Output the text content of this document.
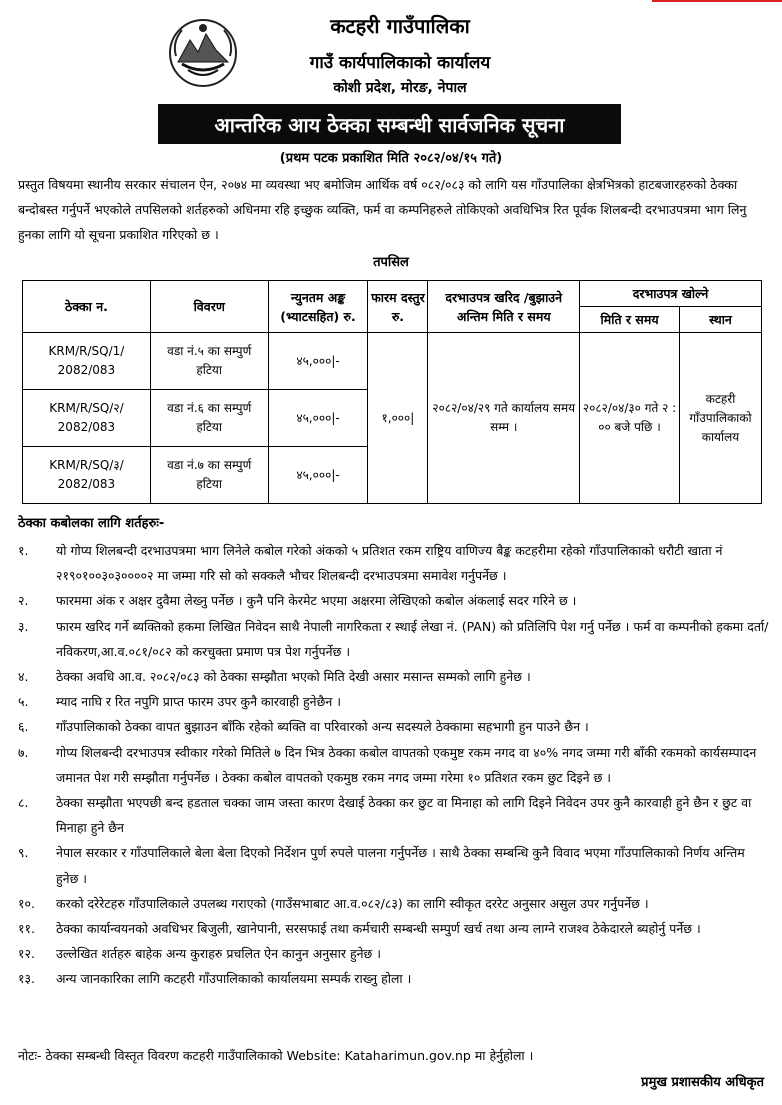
कटहरी गाउँपालिका
गाउँ कार्यपालिकाको कार्यालय
कोशी प्रदेश, मोरङ, नेपाल
आन्तरिक आय ठेक्का सम्बन्धी सार्वजनिक सूचना
(प्रथम पटक प्रकाशित मिति २०८२/०४/१५ गते)
प्रस्तुत विषयमा स्थानीय सरकार संचालन ऐन, २०७४ मा व्यवस्था भए बमोजिम आर्थिक वर्ष ०८२/०८३ को लागि यस गाँउपालिका क्षेत्रभित्रको हाटबजारहरुको ठेक्का बन्दोबस्त गर्नुपर्ने भएकोले तपसिलको शर्तहरुको अधिनमा रहि इच्छुक व्यक्ति, फर्म वा कम्पनिहरुले तोकिएको अवधिभित्र रित पूर्वक शिलबन्दी दरभाउपत्रमा भाग लिनु हुनका लागि यो सूचना प्रकाशित गरिएको छ ।
तपसिल
ठेक्का न.	विवरण	न्युनतम अङ्क (भ्याटसहित) रु.	फारम दस्तुर रु.	दरभाउपत्र खरिद /बुझाउने अन्तिम मिति र समय	दरभाउपत्र खोल्ने	
					मिति र समय	स्थान
KRM/R/SQ/1/ 2082/083	वडा नं.५ का सम्पुर्ण हटिया	४५,०००|-	१,०००|	२०८२/०४/२९ गते कार्यालय समय सम्म ।	२०८२/०४/३० गते २ : ०० बजे पछि ।	कटहरी गाँउपालिकाको कार्यालय
KRM/R/SQ/२/ 2082/083	वडा नं.६ का सम्पुर्ण हटिया	४५,०००|-				
KRM/R/SQ/३/ 2082/083	वडा नं.७ का सम्पुर्ण हटिया	४५,०००|-				
ठेक्का कबोलका लागि शर्तहरुः-
१.	यो गोप्य शिलबन्दी दरभाउपत्रमा भाग लिनेले कबोल गरेको अंकको ५ प्रतिशत रकम राष्ट्रिय वाणिज्य बैङ्क कटहरीमा रहेको गाँउपालिकाको धरौटी खाता नं २१९०१००३०३००००२ मा जम्मा गरि सो को सक्कलै भौचर शिलबन्दी दरभाउपत्रमा समावेश गर्नुपर्नेछ ।
२.	फारममा अंक र अक्षर दुवैमा लेख्नु पर्नेछ । कुनै पनि केरमेट भएमा अक्षरमा लेखिएको कबोल अंकलाई सदर गरिने छ ।
३.	फारम खरिद गर्ने ब्यक्तिको हकमा लिखित निवेदन साथै नेपाली नागरिकता र स्थाई लेखा नं. (PAN) को प्रतिलिपि पेश गर्नु पर्नेछ । फर्म वा कम्पनीको हकमा दर्ता/नविकरण,आ.व.०८१/०८२ को करचुक्ता प्रमाण पत्र पेश गर्नुपर्नेछ ।
४.	ठेक्का अवधि आ.व. २०८२/०८३ को ठेक्का सम्झौता भएको मिति देखी असार मसान्त सम्मको लागि हुनेछ ।
५.	म्याद नाघि र रित नपुगि प्राप्त फारम उपर कुनै कारवाही हुनेछैन ।
६.	गाँउपालिकाको ठेक्का वापत बुझाउन बाँकि रहेको ब्यक्ति वा परिवारको अन्य सदस्यले ठेक्कामा सहभागी हुन पाउने छैन ।
७.	गोप्य शिलबन्दी दरभाउपत्र स्वीकार गरेको मितिले ७ दिन भित्र ठेक्का कबोल वापतको एकमुष्ट रकम नगद वा ४०% नगद जम्मा गरी बाँकी रकमको कार्यसम्पादन जमानत पेश गरी सम्झौता गर्नुपर्नेछ । ठेक्का कबोल वापतको एकमुष्ठ रकम नगद जम्मा गरेमा १० प्रतिशत रकम छुट दिइने छ ।
८.	ठेक्का सम्झौता भएपछी बन्द हडताल चक्का जाम जस्ता कारण देखाई ठेक्का कर छुट वा मिनाहा को लागि दिइने निवेदन उपर कुनै कारवाही हुने छैन र छुट वा मिनाहा हुने छैन
९.	नेपाल सरकार र गाँउपालिकाले बेला बेला दिएको निर्देशन पुर्ण रुपले पालना गर्नुपर्नेछ । साथै ठेक्का सम्बन्धि कुनै विवाद भएमा गाँउपालिकाको निर्णय अन्तिम हुनेछ ।
१०.	करको दरेरेटहरु गाँउपालिकाले उपलब्ध गराएको (गाउँसभाबाट आ.व.०८२/८३) का लागि स्वीकृत दररेट अनुसार असुल उपर गर्नुपर्नेछ ।
११.	ठेक्का कार्यान्वयनको अवधिभर बिजुली, खानेपानी, सरसफाई तथा कर्मचारी सम्बन्धी सम्पुर्ण खर्च तथा अन्य लाग्ने राजश्व ठेकेदारले ब्यहोर्नु पर्नेछ ।
१२.	उल्लेखित शर्तहरु बाहेक अन्य कुराहरु प्रचलित ऐन कानुन अनुसार हुनेछ ।
१३.	अन्य जानकारिका लागि कटहरी गाँउपालिकाको कार्यालयमा सम्पर्क राख्नु होला ।
नोटः- ठेक्का सम्बन्धी विस्तृत विवरण कटहरी गाउँपालिकाको Website: Kataharimun.gov.np मा हेर्नुहोला ।
प्रमुख प्रशासकीय अधिकृत
